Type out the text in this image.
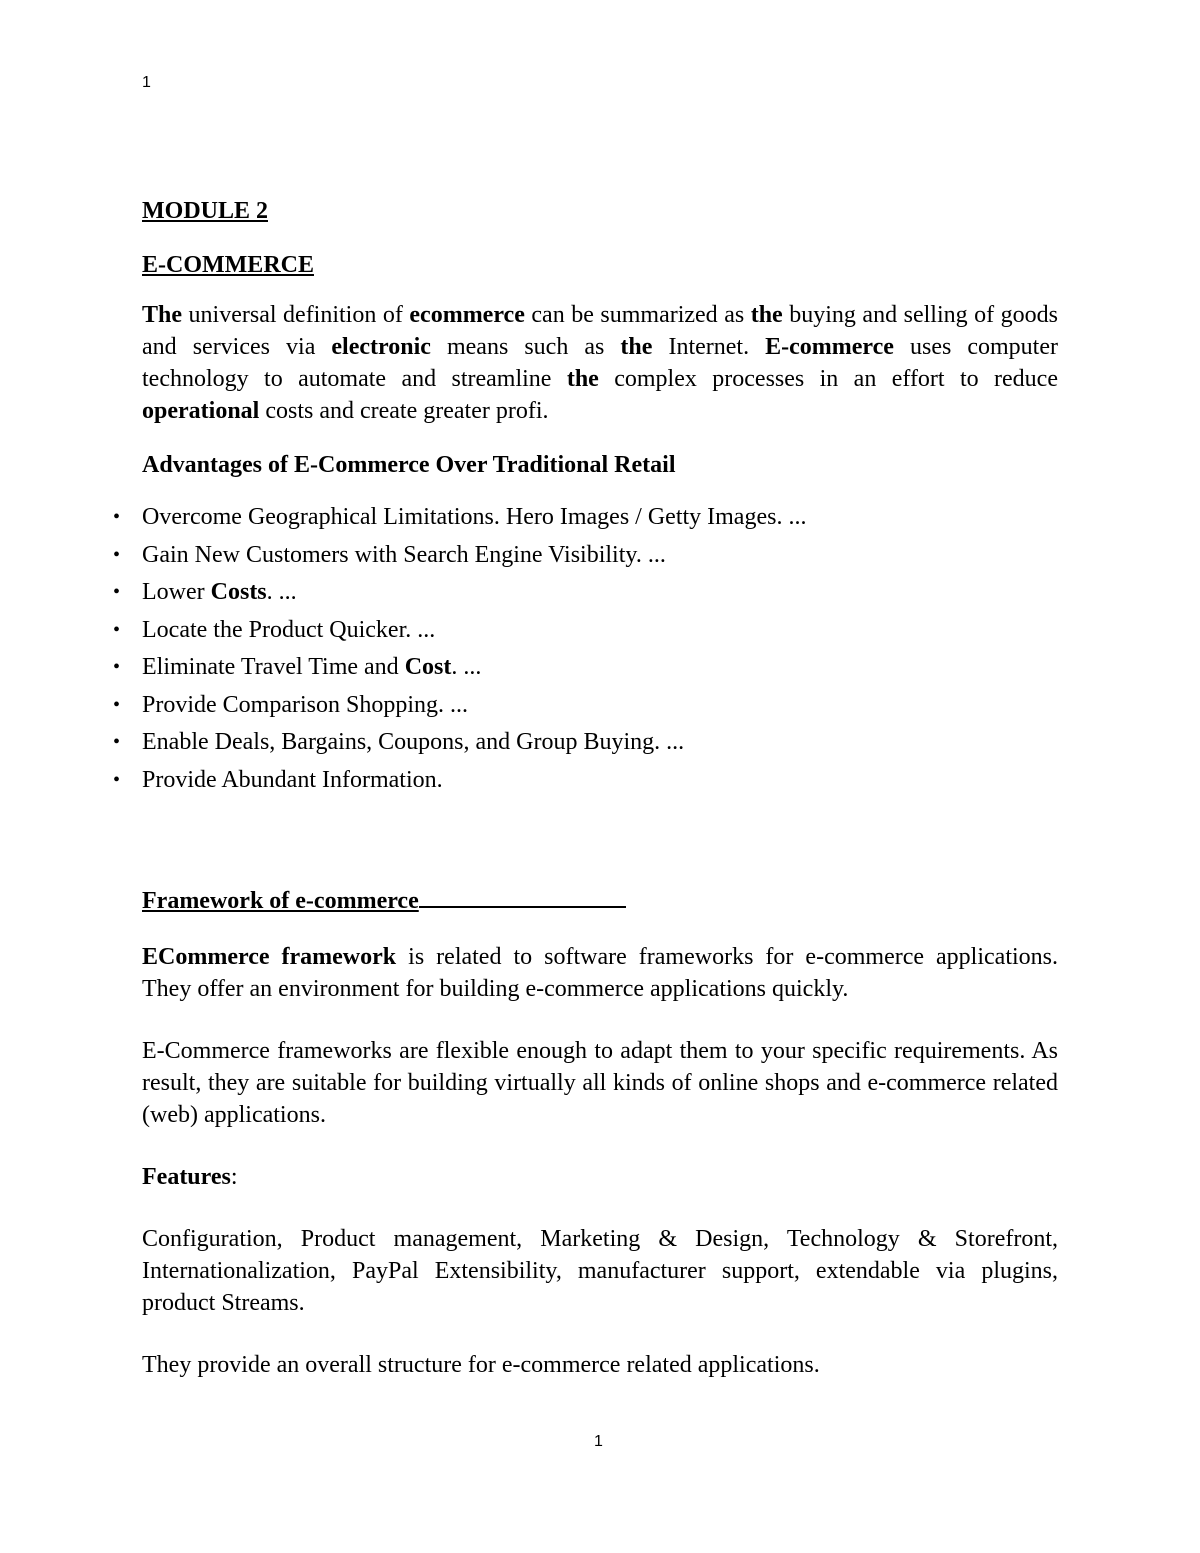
1
MODULE 2
E-COMMERCE

The universal definition of ecommerce can be summarized as the buying and selling of goods and services via electronic means such as the Internet. E-commerce uses computer technology to automate and streamline the complex processes in an effort to reduce operational costs and create greater profi.

Advantages of E-Commerce Over Traditional Retail
• Overcome Geographical Limitations. Hero Images / Getty Images. ...
• Gain New Customers with Search Engine Visibility. ...
• Lower Costs. ...
• Locate the Product Quicker. ...
• Eliminate Travel Time and Cost. ...
• Provide Comparison Shopping. ...
• Enable Deals, Bargains, Coupons, and Group Buying. ...
• Provide Abundant Information.
Framework of e-commerce

ECommerce framework is related to software frameworks for e-commerce applications. They offer an environment for building e-commerce applications quickly.

E-Commerce frameworks are flexible enough to adapt them to your specific requirements. As result, they are suitable for building virtually all kinds of online shops and e-commerce related (web) applications.

Features:

Configuration, Product management, Marketing & Design, Technology & Storefront, Internationalization, PayPal Extensibility, manufacturer support, extendable via plugins, product Streams.

They provide an overall structure for e-commerce related applications.

1
